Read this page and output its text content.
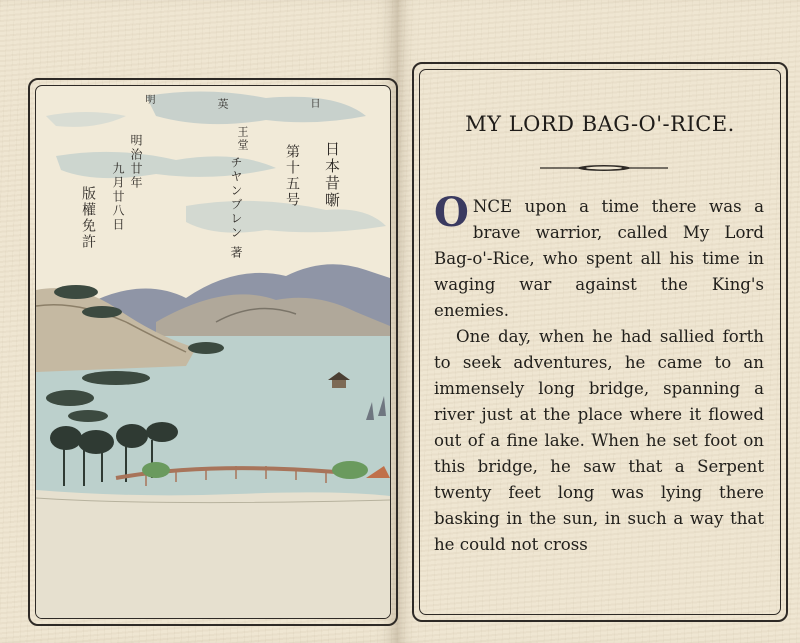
日本昔噺
第十五号
チヤンブレン 著
明治廿年
九月廿八日
版權免許
日
英
明
王堂
MY LORD BAG-O'-RICE.

ONCE upon a time there was a brave warrior, called My Lord Bag-o'-Rice, who spent all his time in waging war against the King's enemies.

One day, when he had sallied forth to seek adventures, he came to an immensely long bridge, spanning a river just at the place where it flowed out of a fine lake. When he set foot on this bridge, he saw that a Serpent twenty feet long was lying there basking in the sun, in such a way that he could not cross
